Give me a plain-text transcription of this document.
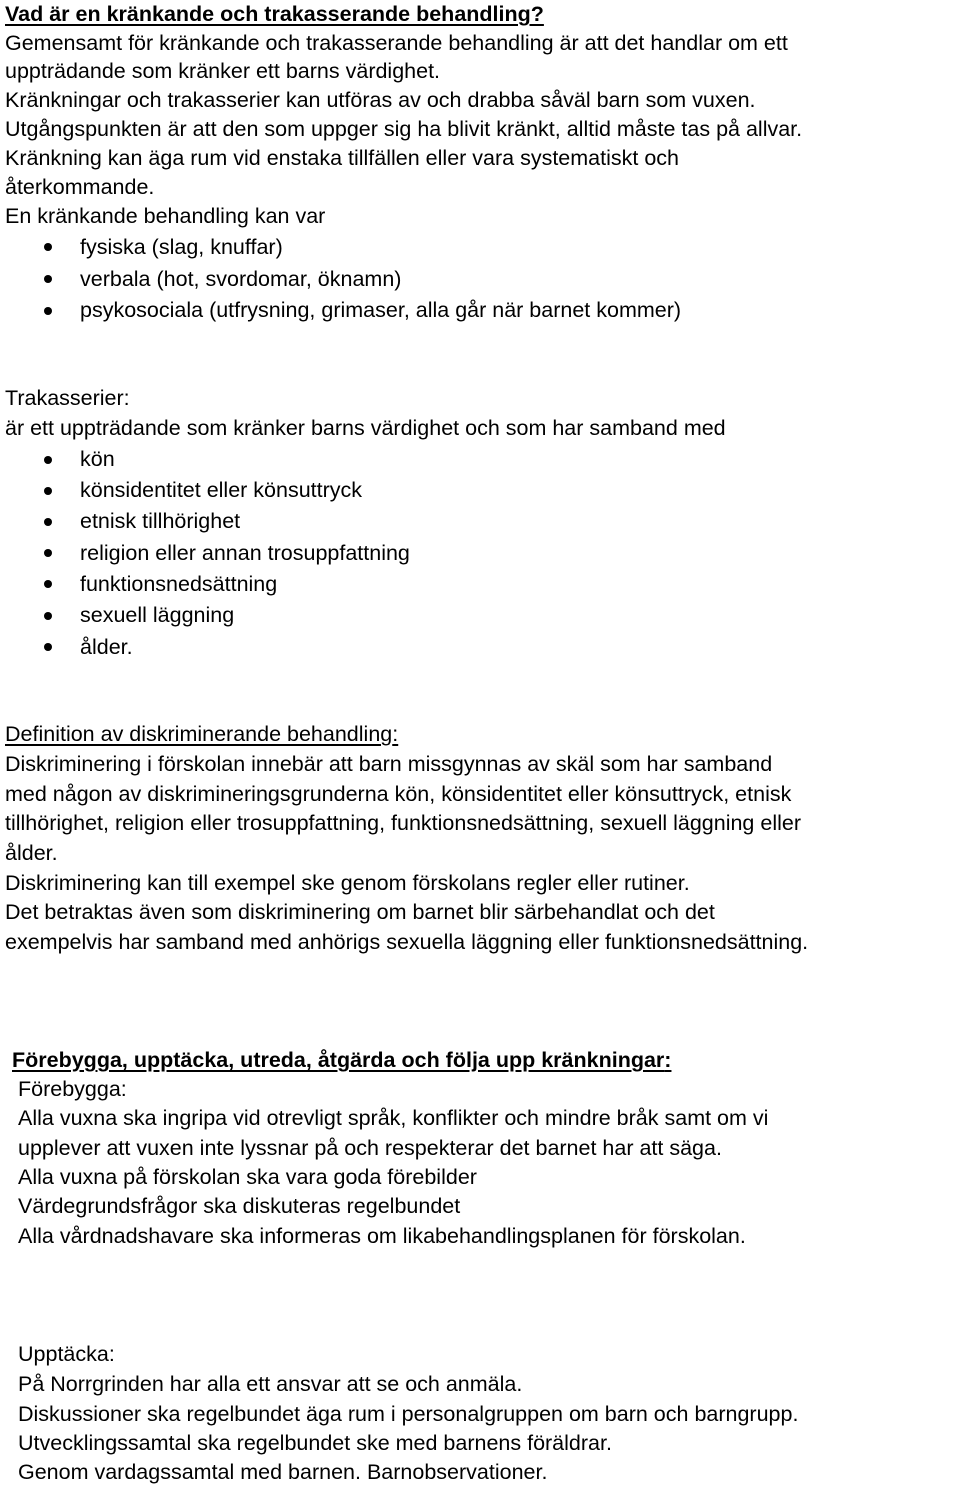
Vad är en kränkande och trakasserande behandling?
Gemensamt för kränkande och trakasserande behandling är att det handlar om ett
uppträdande som kränker ett barns värdighet.
Kränkningar och trakasserier kan utföras av och drabba såväl barn som vuxen.
Utgångspunkten är att den som uppger sig ha blivit kränkt, alltid måste tas på allvar.
Kränkning kan äga rum vid enstaka tillfällen eller vara systematiskt och
återkommande.
En kränkande behandling kan var
fysiska (slag, knuffar)
verbala (hot, svordomar, öknamn)
psykosociala (utfrysning, grimaser, alla går när barnet kommer)
Trakasserier:
är ett uppträdande som kränker barns värdighet och som har samband med
kön
könsidentitet eller könsuttryck
etnisk tillhörighet
religion eller annan trosuppfattning
funktionsnedsättning
sexuell läggning
ålder.
Definition av diskriminerande behandling:
Diskriminering i förskolan innebär att barn missgynnas av skäl som har samband
med någon av diskrimineringsgrunderna kön, könsidentitet eller könsuttryck, etnisk
tillhörighet, religion eller trosuppfattning, funktionsnedsättning, sexuell läggning eller
ålder.
Diskriminering kan till exempel ske genom förskolans regler eller rutiner.
Det betraktas även som diskriminering om barnet blir särbehandlat och det
exempelvis har samband med anhörigs sexuella läggning eller funktionsnedsättning.
Förebygga, upptäcka, utreda, åtgärda och följa upp kränkningar:
Förebygga:
Alla vuxna ska ingripa vid otrevligt språk, konflikter och mindre bråk samt om vi
upplever att vuxen inte lyssnar på och respekterar det barnet har att säga.
Alla vuxna på förskolan ska vara goda förebilder
Värdegrundsfrågor ska diskuteras regelbundet
Alla vårdnadshavare ska informeras om likabehandlingsplanen för förskolan.
Upptäcka:
På Norrgrinden har alla ett ansvar att se och anmäla.
Diskussioner ska regelbundet äga rum i personalgruppen om barn och barngrupp.
Utvecklingssamtal ska regelbundet ske med barnens föräldrar.
Genom vardagssamtal med barnen. Barnobservationer.
